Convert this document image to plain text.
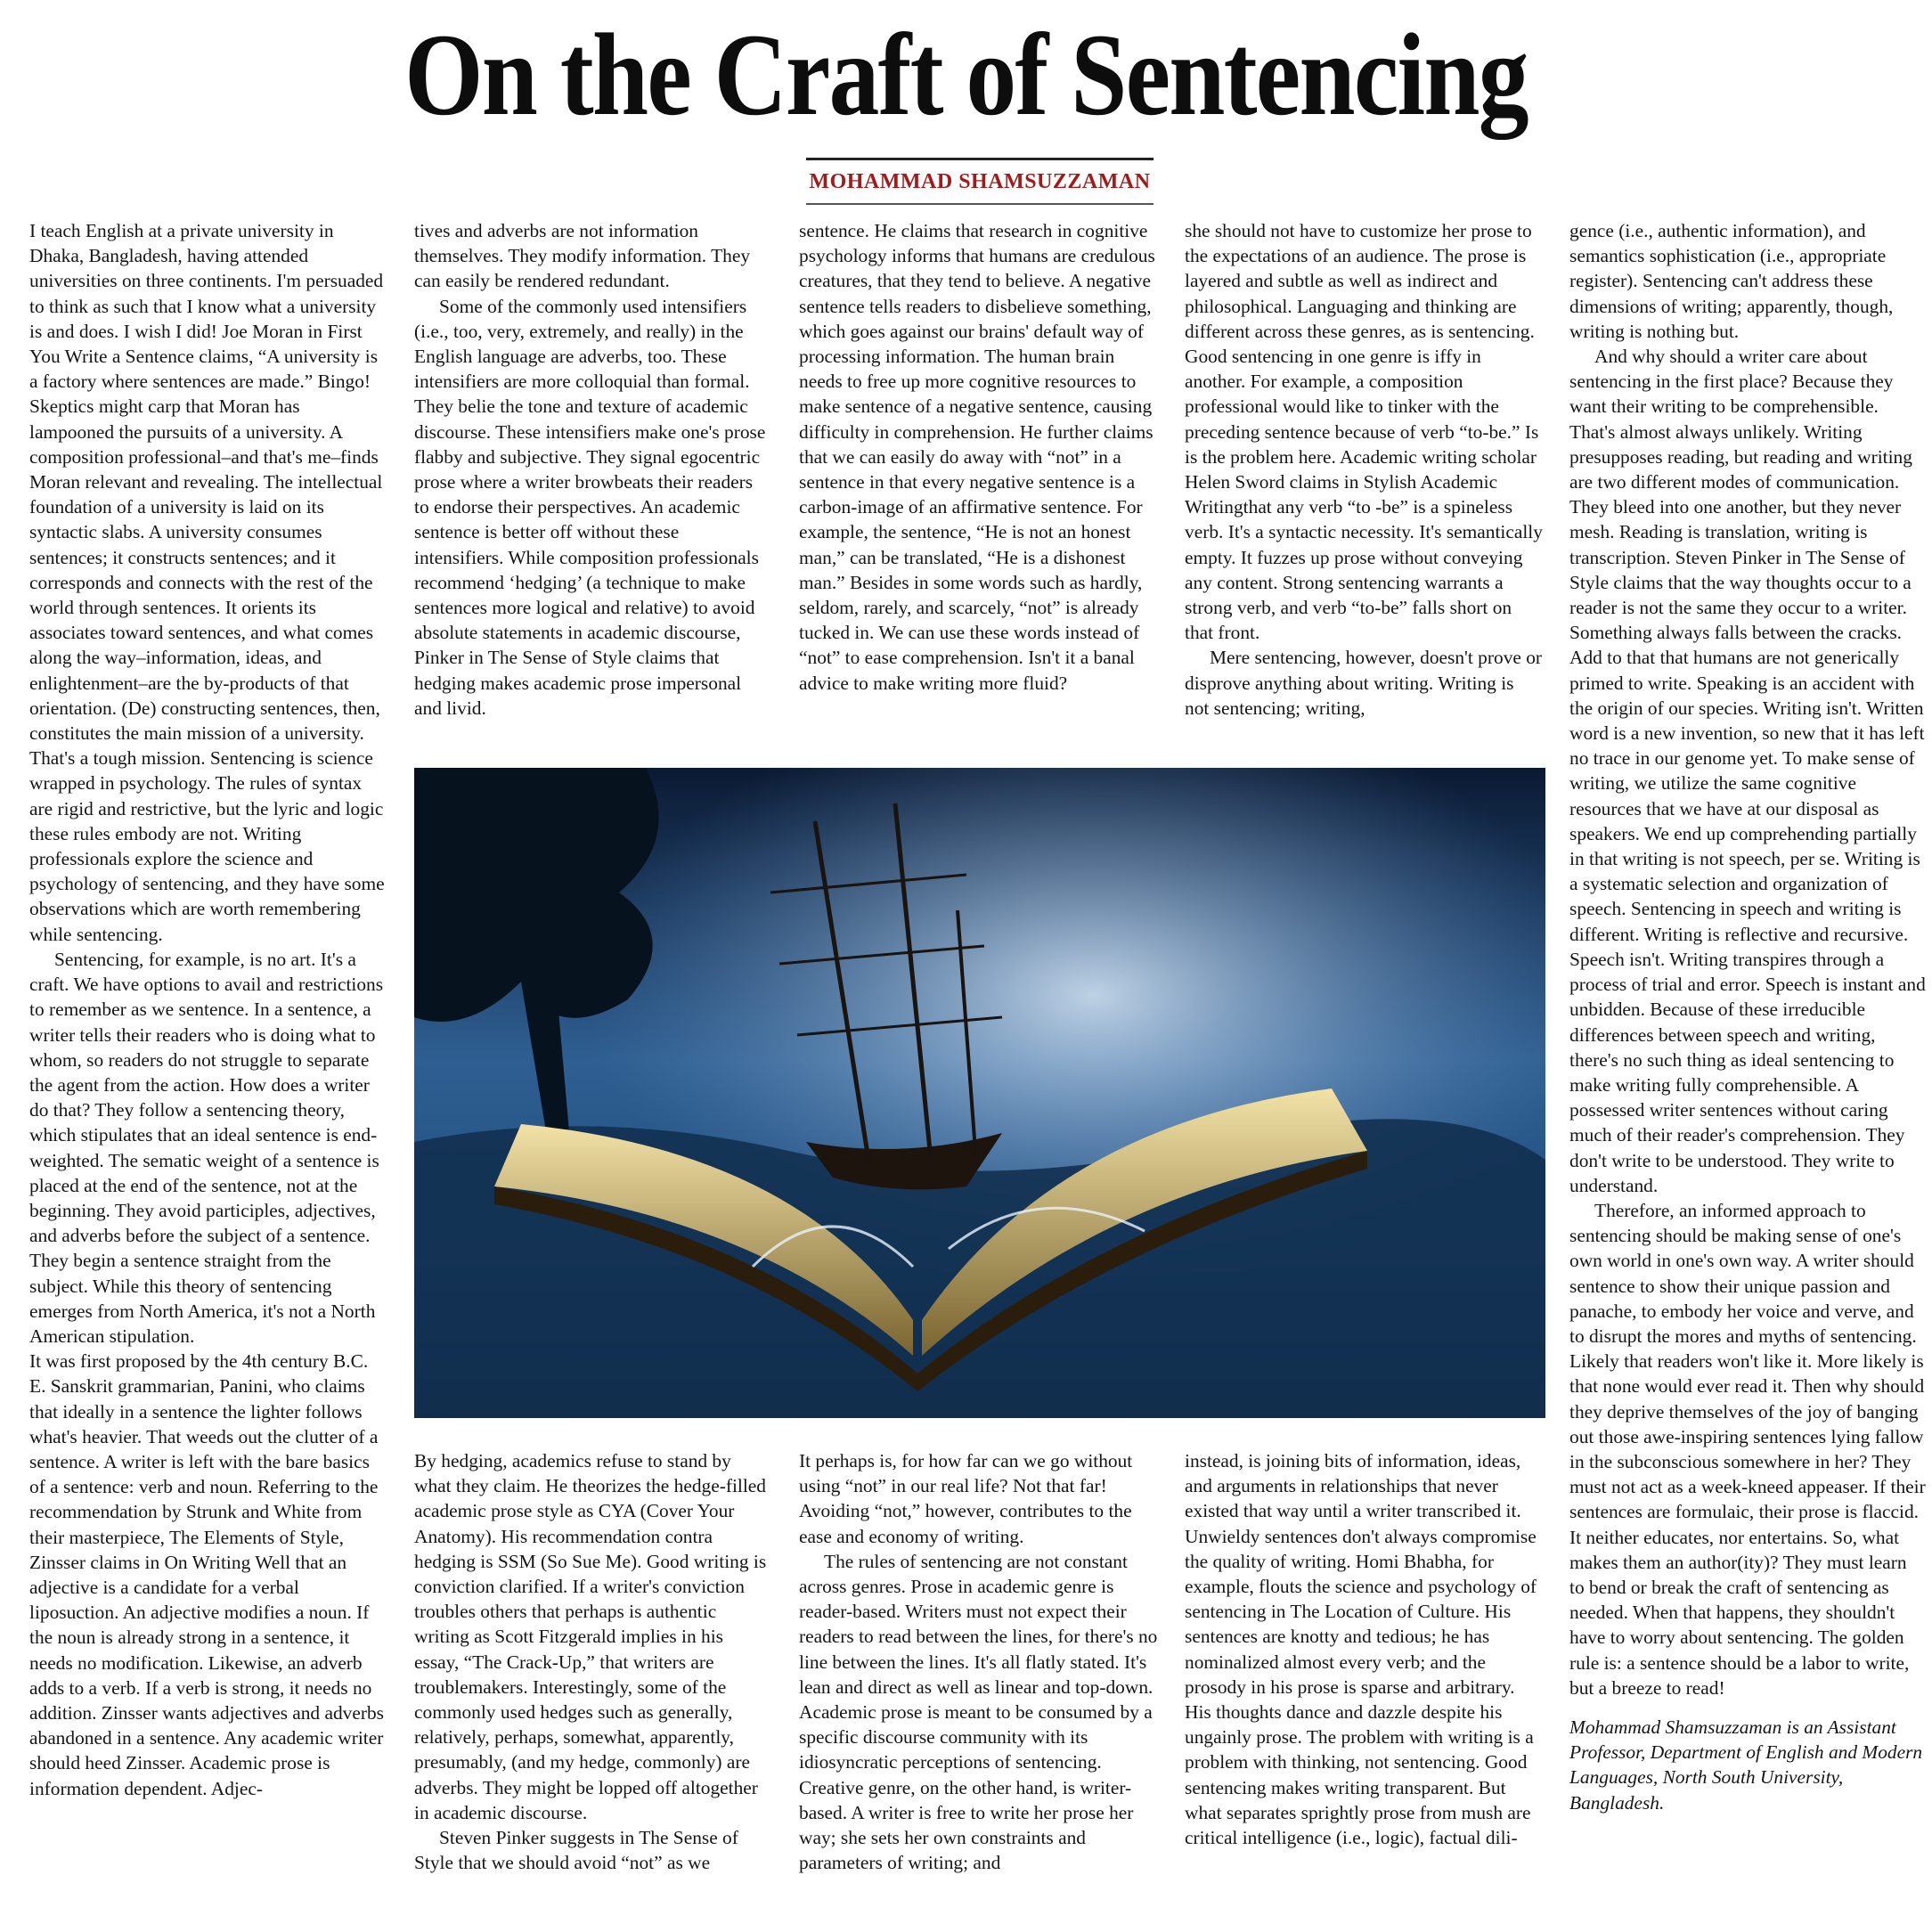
On the Craft of Sentencing
MOHAMMAD SHAMSUZZAMAN

I teach English at a private university in Dhaka, Bangladesh, having attended universities on three continents. I'm persuaded to think as such that I know what a university is and does. I wish I did! Joe Moran in First You Write a Sentence claims, “A university is a factory where sentences are made.” Bingo! Skeptics might carp that Moran has lampooned the pursuits of a university. A composition professional–and that's me–finds Moran relevant and revealing. The intellectual foundation of a university is laid on its syntactic slabs. A university consumes sentences; it constructs sentences; and it corresponds and connects with the rest of the world through sentences. It orients its associates toward sentences, and what comes along the way–information, ideas, and enlightenment–are the by-products of that orientation. (De) constructing sentences, then, constitutes the main mission of a university. That's a tough mission. Sentencing is science wrapped in psychology. The rules of syntax are rigid and restrictive, but the lyric and logic these rules embody are not. Writing professionals explore the science and psychology of sentencing, and they have some observations which are worth remembering while sentencing.

Sentencing, for example, is no art. It's a craft. We have options to avail and restrictions to remember as we sentence. In a sentence, a writer tells their readers who is doing what to whom, so readers do not struggle to separate the agent from the action. How does a writer do that? They follow a sentencing theory, which stipulates that an ideal sentence is end-weighted. The sematic weight of a sentence is placed at the end of the sentence, not at the beginning. They avoid participles, adjectives, and adverbs before the subject of a sentence. They begin a sentence straight from the subject. While this theory of sentencing emerges from North America, it's not a North American stipulation.

It was first proposed by the 4th century B.C. E. Sanskrit grammarian, Panini, who claims that ideally in a sentence the lighter follows what's heavier. That weeds out the clutter of a sentence. A writer is left with the bare basics of a sentence: verb and noun. Referring to the recommendation by Strunk and White from their masterpiece, The Elements of Style, Zinsser claims in On Writing Well that an adjective is a candidate for a verbal liposuction. An adjective modifies a noun. If the noun is already strong in a sentence, it needs no modification. Likewise, an adverb adds to a verb. If a verb is strong, it needs no addition. Zinsser wants adjectives and adverbs abandoned in a sentence. Any academic writer should heed Zinsser. Academic prose is information dependent. Adjec-

tives and adverbs are not information themselves. They modify information. They can easily be rendered redundant.

Some of the commonly used intensifiers (i.e., too, very, extremely, and really) in the English language are adverbs, too. These intensifiers are more colloquial than formal. They belie the tone and texture of academic discourse. These intensifiers make one's prose flabby and subjective. They signal egocentric prose where a writer browbeats their readers to endorse their perspectives. An academic sentence is better off without these intensifiers. While composition professionals recommend ‘hedging’ (a technique to make sentences more logical and relative) to avoid absolute statements in academic discourse, Pinker in The Sense of Style claims that hedging makes academic prose impersonal and livid.

sentence. He claims that research in cognitive psychology informs that humans are credulous creatures, that they tend to believe. A negative sentence tells readers to disbelieve something, which goes against our brains' default way of processing information. The human brain needs to free up more cognitive resources to make sentence of a negative sentence, causing difficulty in comprehension. He further claims that we can easily do away with “not” in a sentence in that every negative sentence is a carbon-image of an affirmative sentence. For example, the sentence, “He is not an honest man,” can be translated, “He is a dishonest man.” Besides in some words such as hardly, seldom, rarely, and scarcely, “not” is already tucked in. We can use these words instead of “not” to ease comprehension. Isn't it a banal advice to make writing more fluid?

she should not have to customize her prose to the expectations of an audience. The prose is layered and subtle as well as indirect and philosophical. Languaging and thinking are different across these genres, as is sentencing. Good sentencing in one genre is iffy in another. For example, a composition professional would like to tinker with the preceding sentence because of verb “to-be.” Is is the problem here. Academic writing scholar Helen Sword claims in Stylish Academic Writingthat any verb “to -be” is a spineless verb. It's a syntactic necessity. It's semantically empty. It fuzzes up prose without conveying any content. Strong sentencing warrants a strong verb, and verb “to-be” falls short on that front.

Mere sentencing, however, doesn't prove or disprove anything about writing. Writing is not sentencing; writing,

gence (i.e., authentic information), and semantics sophistication (i.e., appropriate register). Sentencing can't address these dimensions of writing; apparently, though, writing is nothing but.

And why should a writer care about sentencing in the first place? Because they want their writing to be comprehensible. That's almost always unlikely. Writing presupposes reading, but reading and writing are two different modes of communication. They bleed into one another, but they never mesh. Reading is translation, writing is transcription. Steven Pinker in The Sense of Style claims that the way thoughts occur to a reader is not the same they occur to a writer. Something always falls between the cracks. Add to that that humans are not generically primed to write. Speaking is an accident with the origin of our species. Writing isn't. Written word is a new invention, so new that it has left no trace in our genome yet. To make sense of writing, we utilize the same cognitive resources that we have at our disposal as speakers. We end up comprehending partially in that writing is not speech, per se. Writing is a systematic selection and organization of speech. Sentencing in speech and writing is different. Writing is reflective and recursive. Speech isn't. Writing transpires through a process of trial and error. Speech is instant and unbidden. Because of these irreducible differences between speech and writing, there's no such thing as ideal sentencing to make writing fully comprehensible. A possessed writer sentences without caring much of their reader's comprehension. They don't write to be understood. They write to understand.

Therefore, an informed approach to sentencing should be making sense of one's own world in one's own way. A writer should sentence to show their unique passion and panache, to embody her voice and verve, and to disrupt the mores and myths of sentencing. Likely that readers won't like it. More likely is that none would ever read it. Then why should they deprive themselves of the joy of banging out those awe-inspiring sentences lying fallow in the subconscious somewhere in her? They must not act as a week-kneed appeaser. If their sentences are formulaic, their prose is flaccid. It neither educates, nor entertains. So, what makes them an author(ity)? They must learn to bend or break the craft of sentencing as needed. When that happens, they shouldn't have to worry about sentencing. The golden rule is: a sentence should be a labor to write, but a breeze to read!

Mohammad Shamsuzzaman is an Assistant Professor, Department of English and Modern Languages, North South University, Bangladesh.

By hedging, academics refuse to stand by what they claim. He theorizes the hedge-filled academic prose style as CYA (Cover Your Anatomy). His recommendation contra hedging is SSM (So Sue Me). Good writing is conviction clarified. If a writer's conviction troubles others that perhaps is authentic writing as Scott Fitzgerald implies in his essay, “The Crack-Up,” that writers are troublemakers. Interestingly, some of the commonly used hedges such as generally, relatively, perhaps, somewhat, apparently, presumably, (and my hedge, commonly) are adverbs. They might be lopped off altogether in academic discourse.

Steven Pinker suggests in The Sense of Style that we should avoid “not” as we

It perhaps is, for how far can we go without using “not” in our real life? Not that far! Avoiding “not,” however, contributes to the ease and economy of writing.

The rules of sentencing are not constant across genres. Prose in academic genre is reader-based. Writers must not expect their readers to read between the lines, for there's no line between the lines. It's all flatly stated. It's lean and direct as well as linear and top-down. Academic prose is meant to be consumed by a specific discourse community with its idiosyncratic perceptions of sentencing. Creative genre, on the other hand, is writer-based. A writer is free to write her prose her way; she sets her own constraints and parameters of writing; and

instead, is joining bits of information, ideas, and arguments in relationships that never existed that way until a writer transcribed it. Unwieldy sentences don't always compromise the quality of writing. Homi Bhabha, for example, flouts the science and psychology of sentencing in The Location of Culture. His sentences are knotty and tedious; he has nominalized almost every verb; and the prosody in his prose is sparse and arbitrary. His thoughts dance and dazzle despite his ungainly prose. The problem with writing is a problem with thinking, not sentencing. Good sentencing makes writing transparent. But what separates sprightly prose from mush are critical intelligence (i.e., logic), factual dili-
